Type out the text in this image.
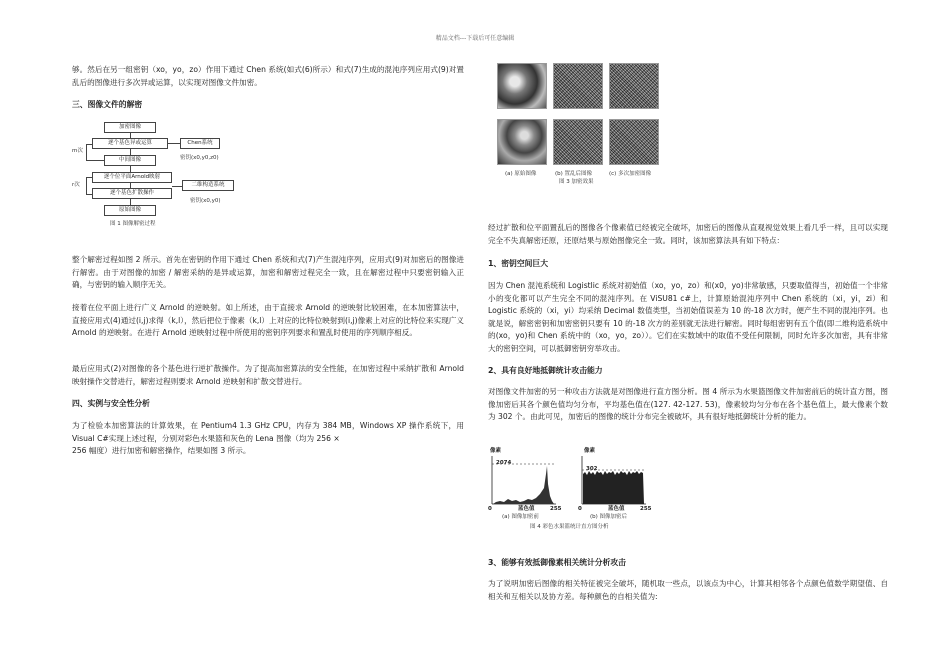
精品文档---下载后可任意编辑

够。然后在另一组密钥（xo，yo，zo）作用下通过 Chen 系统(如式(6)所示）和式(7)生成的混沌序列应用式(9)对置乱后的图像进行多次异或运算，以实现对图像文件加密。

三、图像文件的解密
m次
r次
加密图像
逐个基色异或运算	Chen系统
密钥(x0,y0,z0)
中间图像
逐个位平面Arnold映射
逐个基色扩散操作
二维构造系统
密钥(x0,y0)
原始图像
图 1 图像解密过程

整个解密过程如图 2 所示。首先在密钥的作用下通过 Chen 系统和式(7)产生混沌序列，应用式(9)对加密后的图像进行解密。由于对图像的加密 / 解密采纳的是异或运算，加密和解密过程完全一致，且在解密过程中只要密钥输入正确，与密钥的输入顺序无关。

接着在位平面上进行广义 Arnold 的逆映射。如上所述，由于直接求 Arnold 的逆映射比较困难，在本加密算法中，直接应用式(4)通过(i,j)求得（k,l），然后把位于像素（k,l）上对应的比特位映射到(i,j)像素上对应的比特位来实现广义 Arnold 的逆映射。在进行 Arnold 逆映射过程中所使用的密钥序列要求和置乱时使用的序列顺序相反。

最后应用式(2)对图像的各个基色进行逆扩散操作。为了提高加密算法的安全性能，在加密过程中采纳扩散和 Arnold 映射操作交替进行，解密过程则要求 Arnold 逆映射和扩散交替进行。

四、实例与安全性分析

为了检验本加密算法的计算效果，在 Pentium4 1.3 GHz CPU，内存为 384 MB，Windows XP 操作系统下，用 Visual C#实现上述过程，分别对彩色水果篮和灰色的 Lena 图像（均为 256 ×

256 幅度）进行加密和解密操作，结果如图 3 所示。

(a) 原始图像	(b) 置乱后图像	(c) 多次加密图像
图 3 加密效果

经过扩散和位平面置乱后的图像各个像素值已经被完全破坏，加密后的图像从直观视觉效果上看几乎一样，且可以实现完全不失真解密还原，还原结果与原始图像完全一致。同时，该加密算法具有如下特点：

1、密钥空间巨大

因为 Chen 混沌系统和 Logistlic 系统对初始值（xo，yo，zo）和(x0，yo)非常敏感，只要取值得当，初始值一个非常小的变化都可以产生完全不同的混沌序列。在 ViSU81 c#上，计算原始混沌序列中 Chen 系统的（xi，yi，zi）和 Logistic 系统的（xi，yi）均采纳 Decimal 数值类型，当初始值误差为 10 的-18 次方时，便产生不同的混沌序列。也就是说，解密密钥和加密密钥只要有 10 的-18 次方的差别就无法进行解密。同时每组密钥有五个值(即二维构造系统中的(xo，yo)和 Chen 系统中的（xo，yo，zo））。它们在实数域中的取值不受任何限制，同时允许多次加密，具有非常大的密钥空间，可以抵御密钥穷举攻击。

2、具有良好地抵御统计攻击能力

对图像文件加密的另一种攻击方法就是对图像进行直方图分析。图 4 所示为水果篮图像文件加密前后的统计直方图，图像加密后其各个颜色值均匀分布，平均基色值在(127. 42-127. 53)，像素较均匀分布在各个基色值上，最大像素个数为 302 个。由此可见，加密后的图像的统计分布完全被破坏，具有很好地抵御统计分析的能力。

像素	像素
2074
302
0	0
蓝色值	蓝色值
255	255
(a) 图像加密前	(b) 图像加密后
图 4 彩色水果篮统计直方图分析
3、能够有效抵御像素相关统计分析攻击

为了说明加密后图像的相关特征被完全破坏，随机取一些点，以该点为中心，计算其相邻各个点颜色值数学期望值、自相关和互相关以及协方差。每种颜色的自相关值为:
